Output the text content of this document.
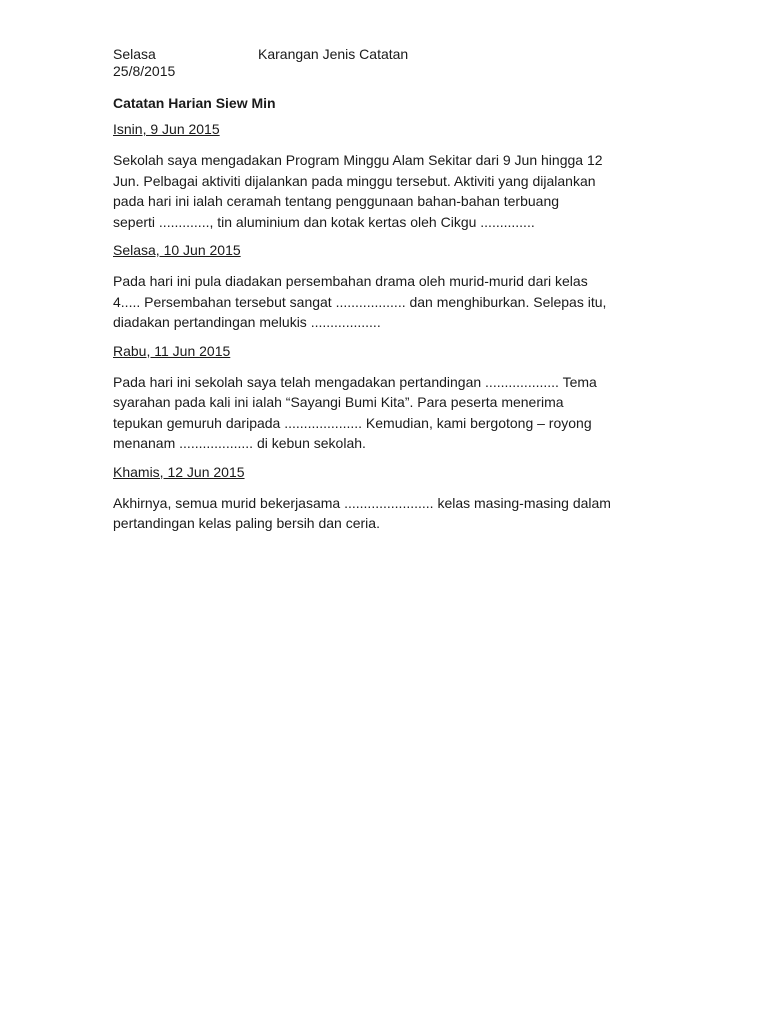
Selasa	Karangan Jenis Catatan
25/8/2015
Catatan Harian Siew Min
Isnin, 9 Jun 2015
Sekolah saya mengadakan Program Minggu Alam Sekitar dari 9 Jun hingga 12
Jun. Pelbagai aktiviti dijalankan pada minggu tersebut. Aktiviti yang dijalankan
pada hari ini ialah ceramah tentang penggunaan bahan-bahan terbuang
seperti ............., tin aluminium dan kotak kertas oleh Cikgu ..............
Selasa, 10 Jun 2015
Pada hari ini pula diadakan persembahan drama oleh murid-murid dari kelas
4..... Persembahan tersebut sangat .................. dan menghiburkan. Selepas itu,
diadakan pertandingan melukis ..................
Rabu, 11 Jun 2015
Pada hari ini sekolah saya telah mengadakan pertandingan ................... Tema
syarahan pada kali ini ialah “Sayangi Bumi Kita”. Para peserta menerima
tepukan gemuruh daripada .................... Kemudian, kami bergotong – royong
menanam ................... di kebun sekolah.
Khamis, 12 Jun 2015
Akhirnya, semua murid bekerjasama ....................... kelas masing-masing dalam
pertandingan kelas paling bersih dan ceria.
